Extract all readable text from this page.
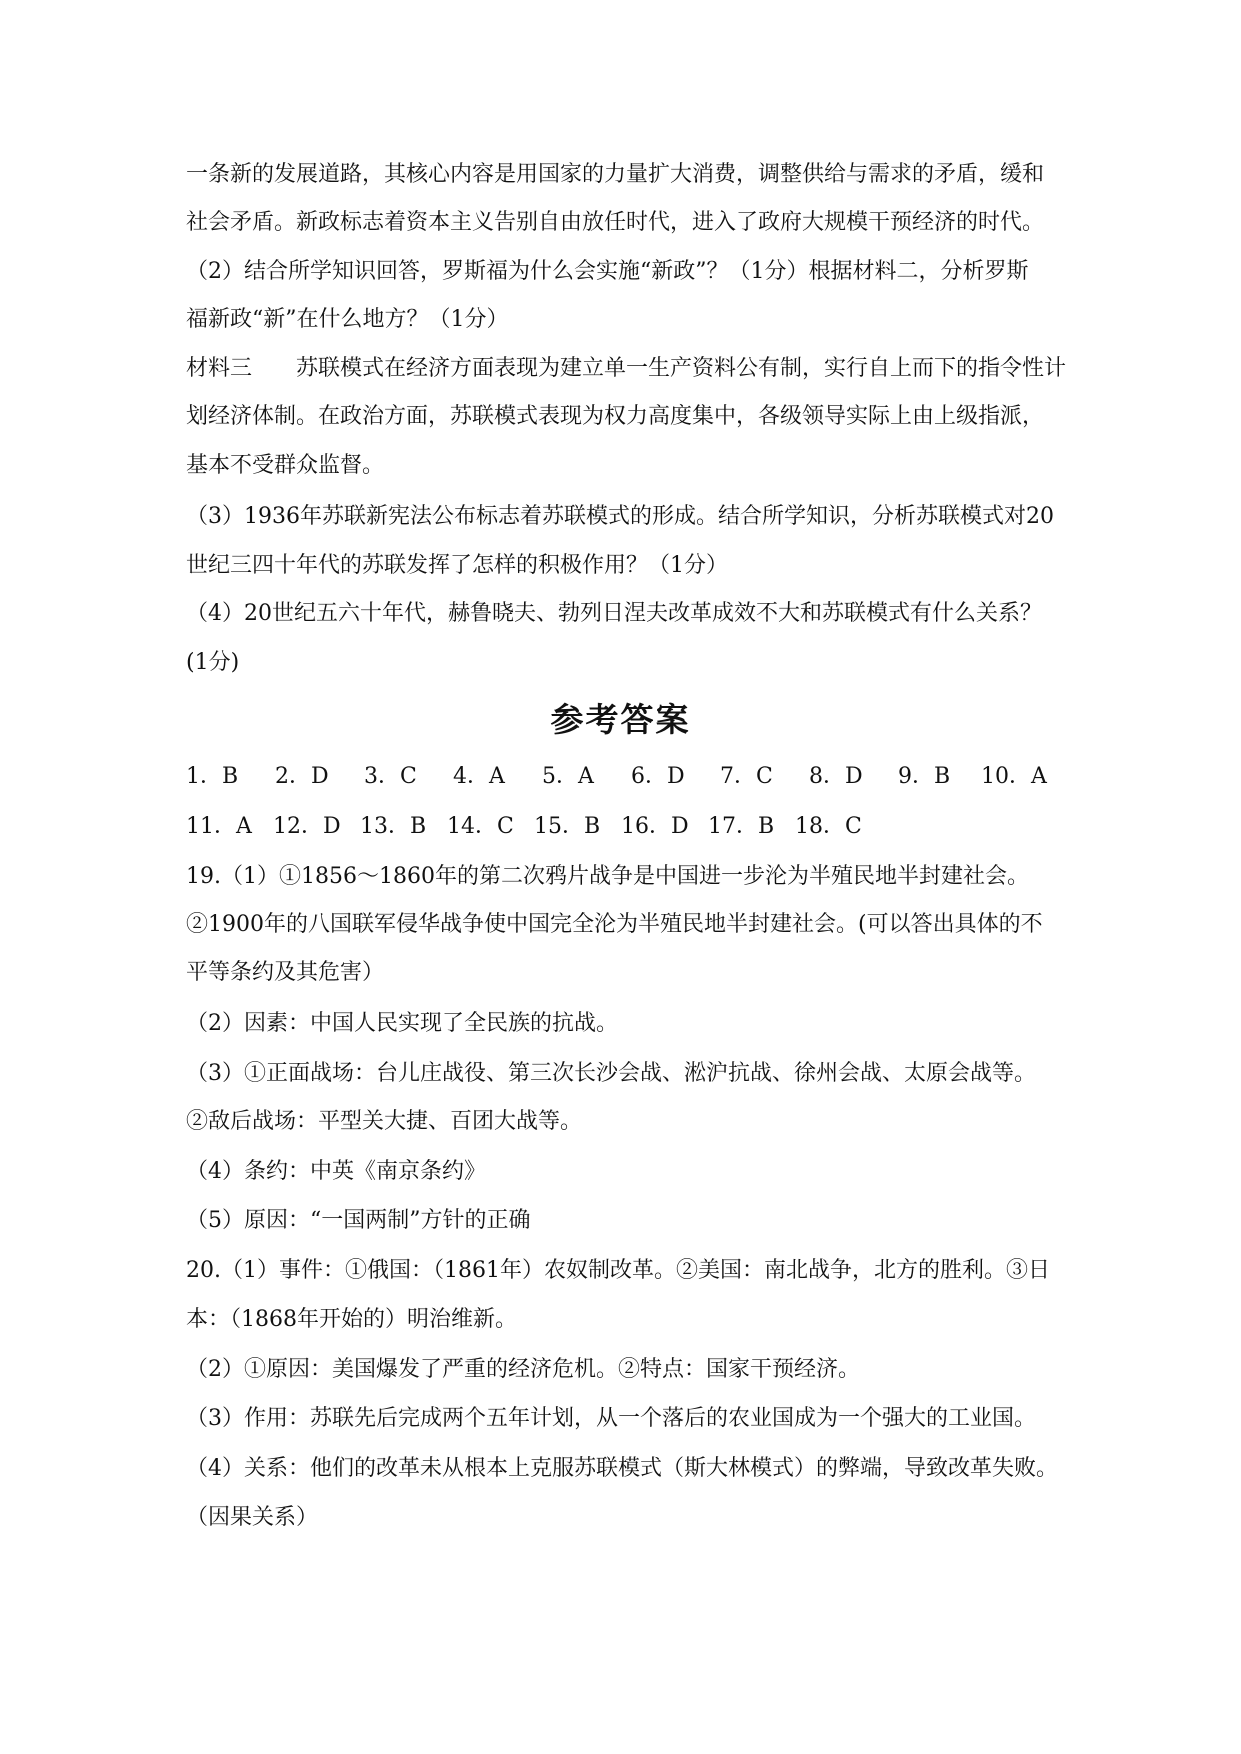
一条新的发展道路，其核心内容是用国家的力量扩大消费，调整供给与需求的矛盾，缓和
社会矛盾。新政标志着资本主义告别自由放任时代，进入了政府大规模干预经济的时代。
（2）结合所学知识回答，罗斯福为什么会实施“新政”？（1分）根据材料二，分析罗斯
福新政“新”在什么地方？（1分）
材料三　　苏联模式在经济方面表现为建立单一生产资料公有制，实行自上而下的指令性计
划经济体制。在政治方面，苏联模式表现为权力高度集中，各级领导实际上由上级指派，
基本不受群众监督。
（3）1936年苏联新宪法公布标志着苏联模式的形成。结合所学知识，分析苏联模式对20
世纪三四十年代的苏联发挥了怎样的积极作用？（1分）
（4）20世纪五六十年代，赫鲁晓夫、勃列日涅夫改革成效不大和苏联模式有什么关系？
(1分)
参考答案
1．B 2．D 3．C 4．A 5．A 6．D 7．C 8．D 9．B 10．A
11．A 12．D 13．B 14．C 15．B 16．D 17．B 18．C
19.（1）①1856～1860年的第二次鸦片战争是中国进一步沦为半殖民地半封建社会。
②1900年的八国联军侵华战争使中国完全沦为半殖民地半封建社会。(可以答出具体的不
平等条约及其危害）
（2）因素：中国人民实现了全民族的抗战。
（3）①正面战场：台儿庄战役、第三次长沙会战、淞沪抗战、徐州会战、太原会战等。
②敌后战场：平型关大捷、百团大战等。
（4）条约：中英《南京条约》
（5）原因：“一国两制”方针的正确
20.（1）事件：①俄国：（1861年）农奴制改革。②美国：南北战争，北方的胜利。③日
本：（1868年开始的）明治维新。
（2）①原因：美国爆发了严重的经济危机。②特点：国家干预经济。
（3）作用：苏联先后完成两个五年计划，从一个落后的农业国成为一个强大的工业国。
（4）关系：他们的改革未从根本上克服苏联模式（斯大林模式）的弊端，导致改革失败。
（因果关系）
